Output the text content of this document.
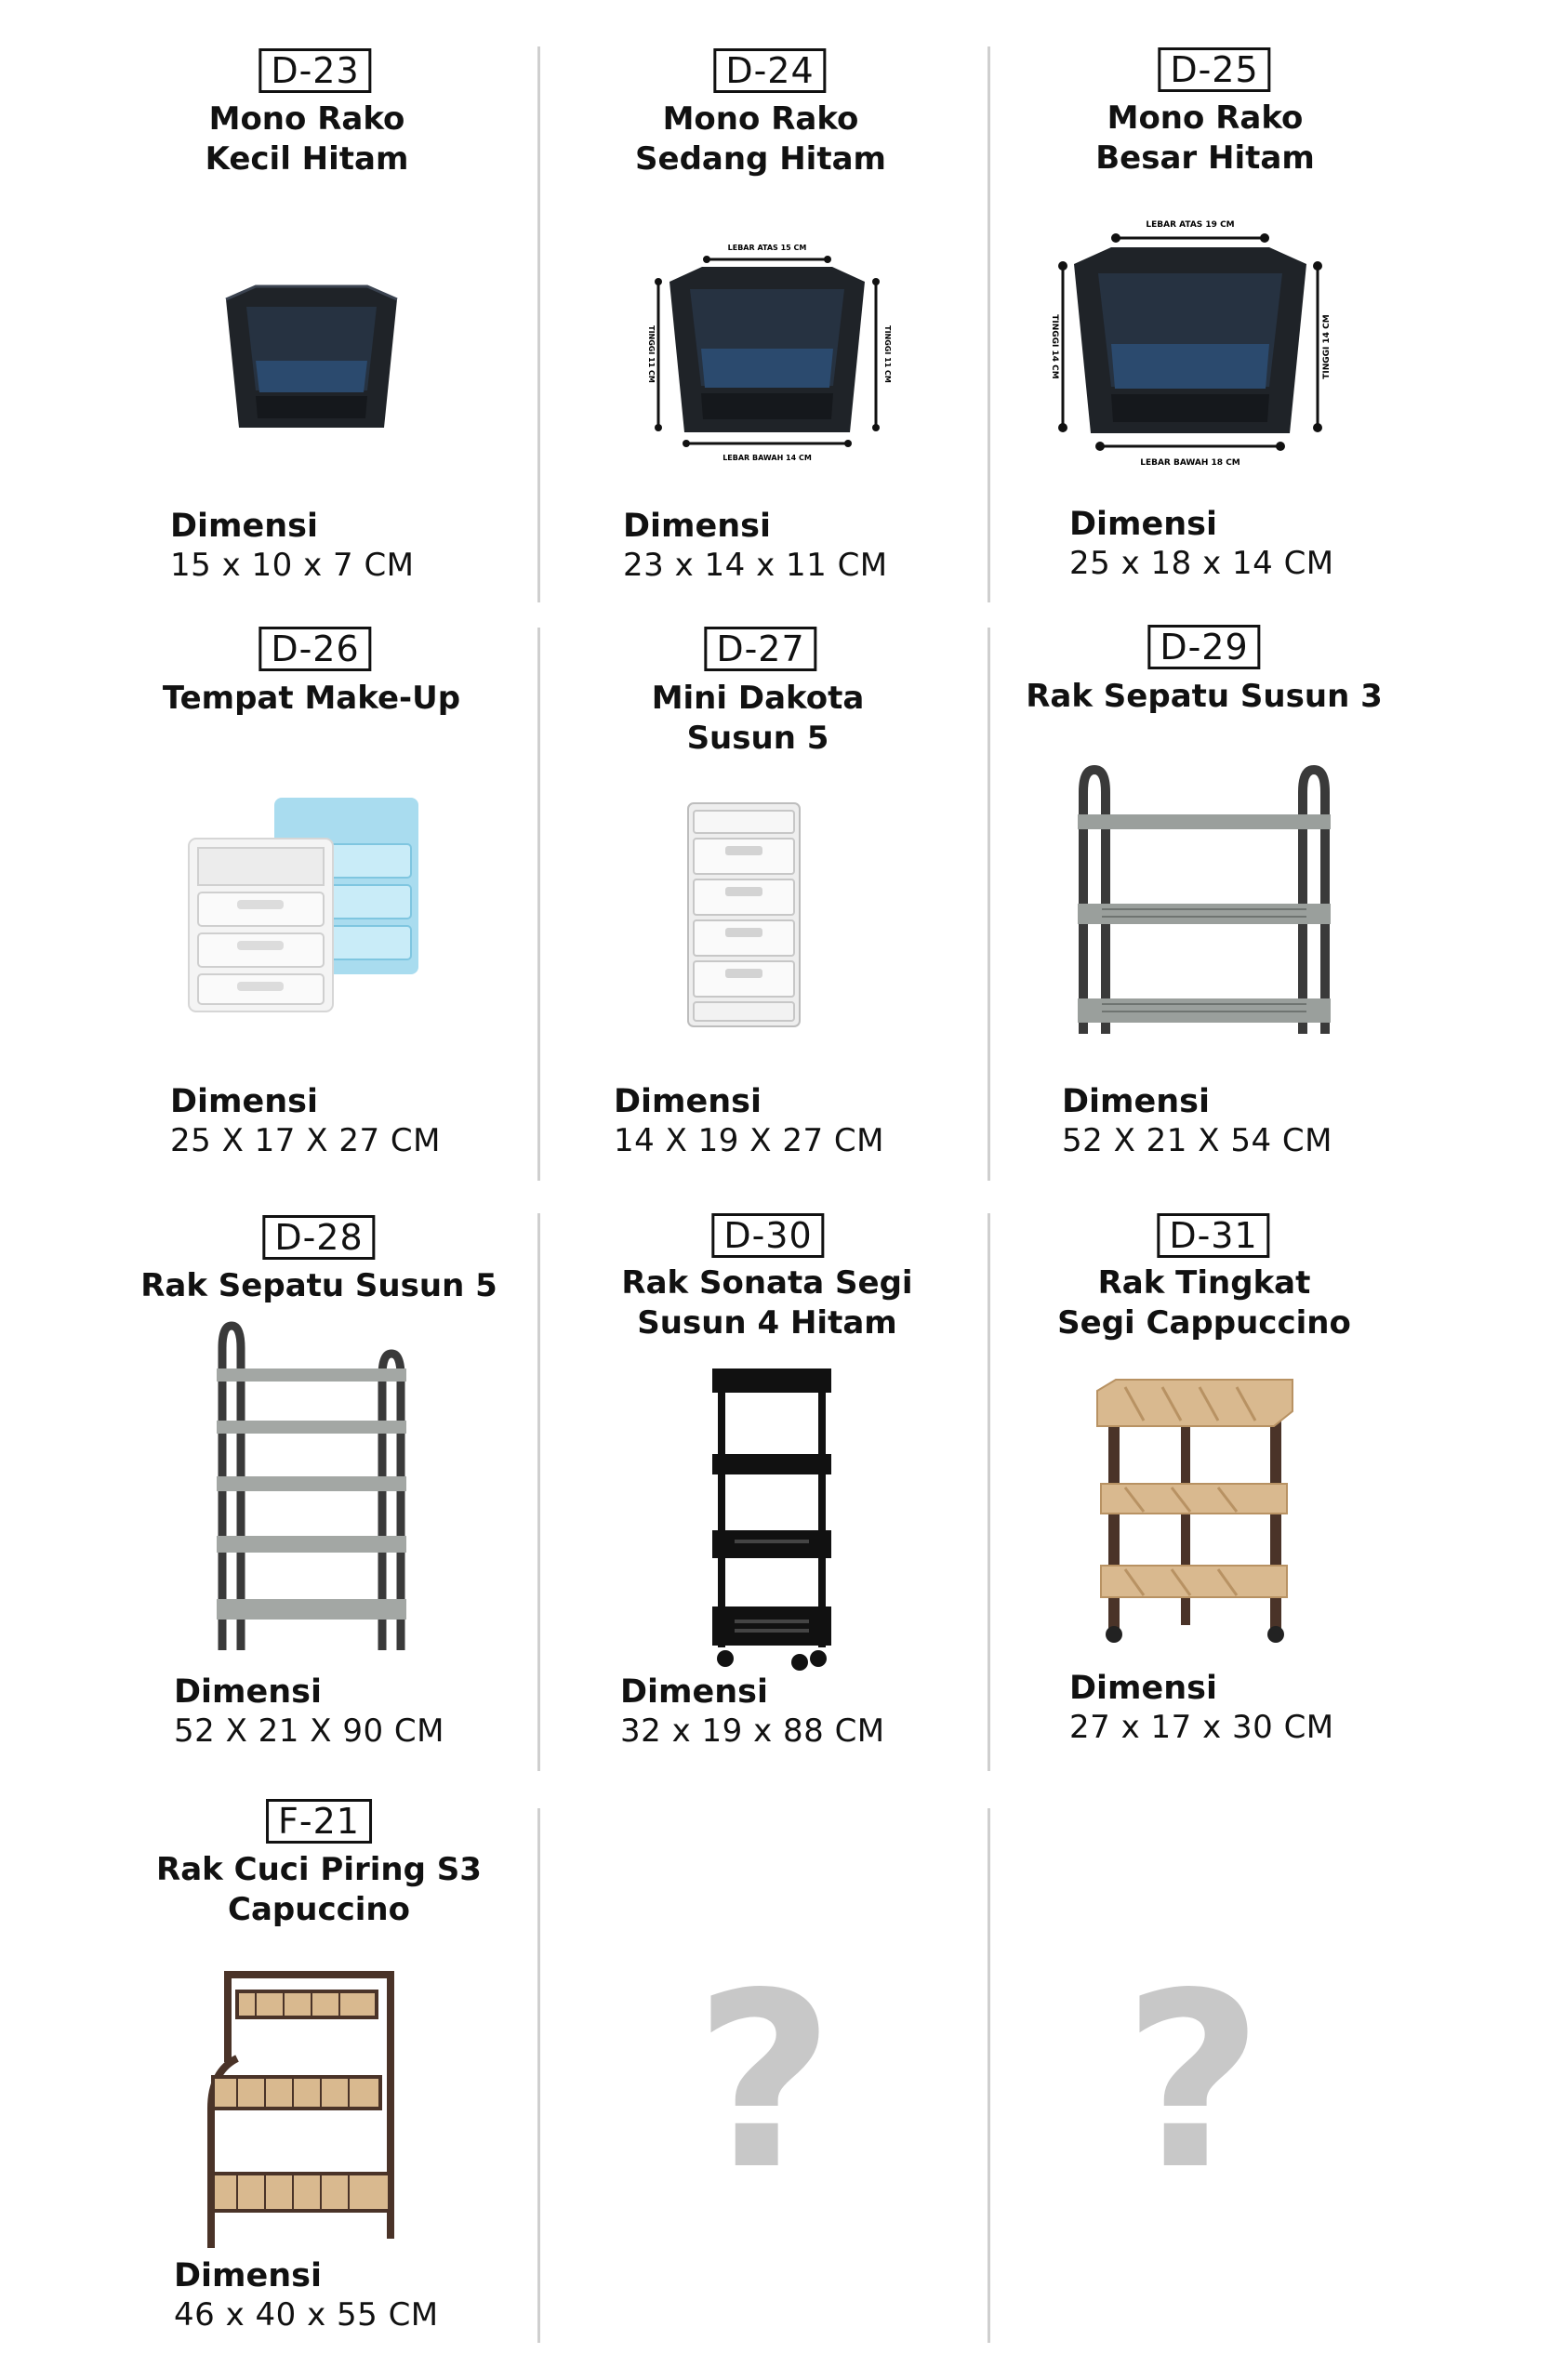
D-23
Mono Rako
Kecil Hitam
Dimensi
15 x 10 x 7 CM
D-24
Mono Rako
Sedang Hitam
LEBAR ATAS 15 CM
TINGGI 11 CM	TINGGI 11 CM
LEBAR BAWAH 14 CM
Dimensi
23 x 14 x 11 CM
D-25
Mono Rako
Besar Hitam
LEBAR ATAS 19 CM
TINGGI 14 CM	TINGGI 14 CM
LEBAR BAWAH 18 CM
Dimensi
25 x 18 x 14 CM
D-26
Tempat Make-Up
Dimensi
25 X 17 X 27 CM
D-27
Mini Dakota
Susun 5
Dimensi
14 X 19 X 27 CM
D-29
Rak Sepatu Susun 3
Dimensi
52 X 21 X 54 CM
D-28
Rak Sepatu Susun 5
Dimensi
52 X 21 X 90 CM
D-30
Rak Sonata Segi
Susun 4 Hitam
Dimensi
32 x 19 x 88 CM
D-31
Rak Tingkat
Segi Cappuccino
Dimensi
27 x 17 x 30 CM
F-21
Rak Cuci Piring S3
Capuccino
Dimensi
46 x 40 x 55 CM
? ?
